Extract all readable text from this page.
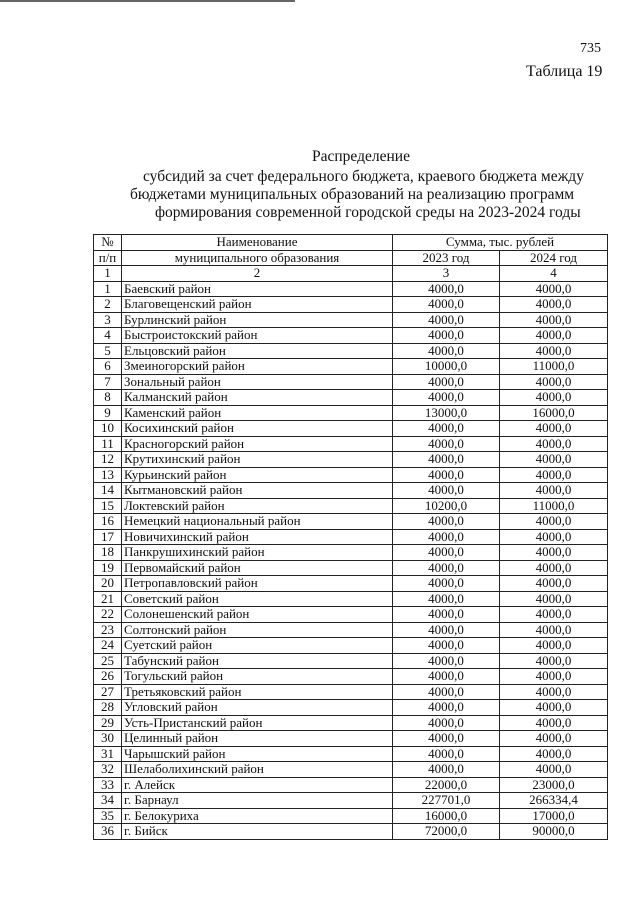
735
Таблица 19
Распределение
субсидий за счет федерального бюджета, краевого бюджета между
бюджетами муниципальных образований на реализацию программ
формирования современной городской среды на 2023-2024 годы
№	Наименование	Сумма, тыс. рублей	
п/п	муниципального образования	2023 год	2024 год
1	2	3	4
1	Баевский район	4000,0	4000,0
2	Благовещенский район	4000,0	4000,0
3	Бурлинский район	4000,0	4000,0
4	Быстроистокский район	4000,0	4000,0
5	Ельцовский район	4000,0	4000,0
6	Змеиногорский район	10000,0	11000,0
7	Зональный район	4000,0	4000,0
8	Калманский район	4000,0	4000,0
9	Каменский район	13000,0	16000,0
10	Косихинский район	4000,0	4000,0
11	Красногорский район	4000,0	4000,0
12	Крутихинский район	4000,0	4000,0
13	Курьинский район	4000,0	4000,0
14	Кытмановский район	4000,0	4000,0
15	Локтевский район	10200,0	11000,0
16	Немецкий национальный район	4000,0	4000,0
17	Новичихинский район	4000,0	4000,0
18	Панкрушихинский район	4000,0	4000,0
19	Первомайский район	4000,0	4000,0
20	Петропавловский район	4000,0	4000,0
21	Советский район	4000,0	4000,0
22	Солонешенский район	4000,0	4000,0
23	Солтонский район	4000,0	4000,0
24	Суетский район	4000,0	4000,0
25	Табунский район	4000,0	4000,0
26	Тогульский район	4000,0	4000,0
27	Третьяковский район	4000,0	4000,0
28	Угловский район	4000,0	4000,0
29	Усть-Пристанский район	4000,0	4000,0
30	Целинный район	4000,0	4000,0
31	Чарышский район	4000,0	4000,0
32	Шелаболихинский район	4000,0	4000,0
33	г. Алейск	22000,0	23000,0
34	г. Барнаул	227701,0	266334,4
35	г. Белокуриха	16000,0	17000,0
36	г. Бийск	72000,0	90000,0
